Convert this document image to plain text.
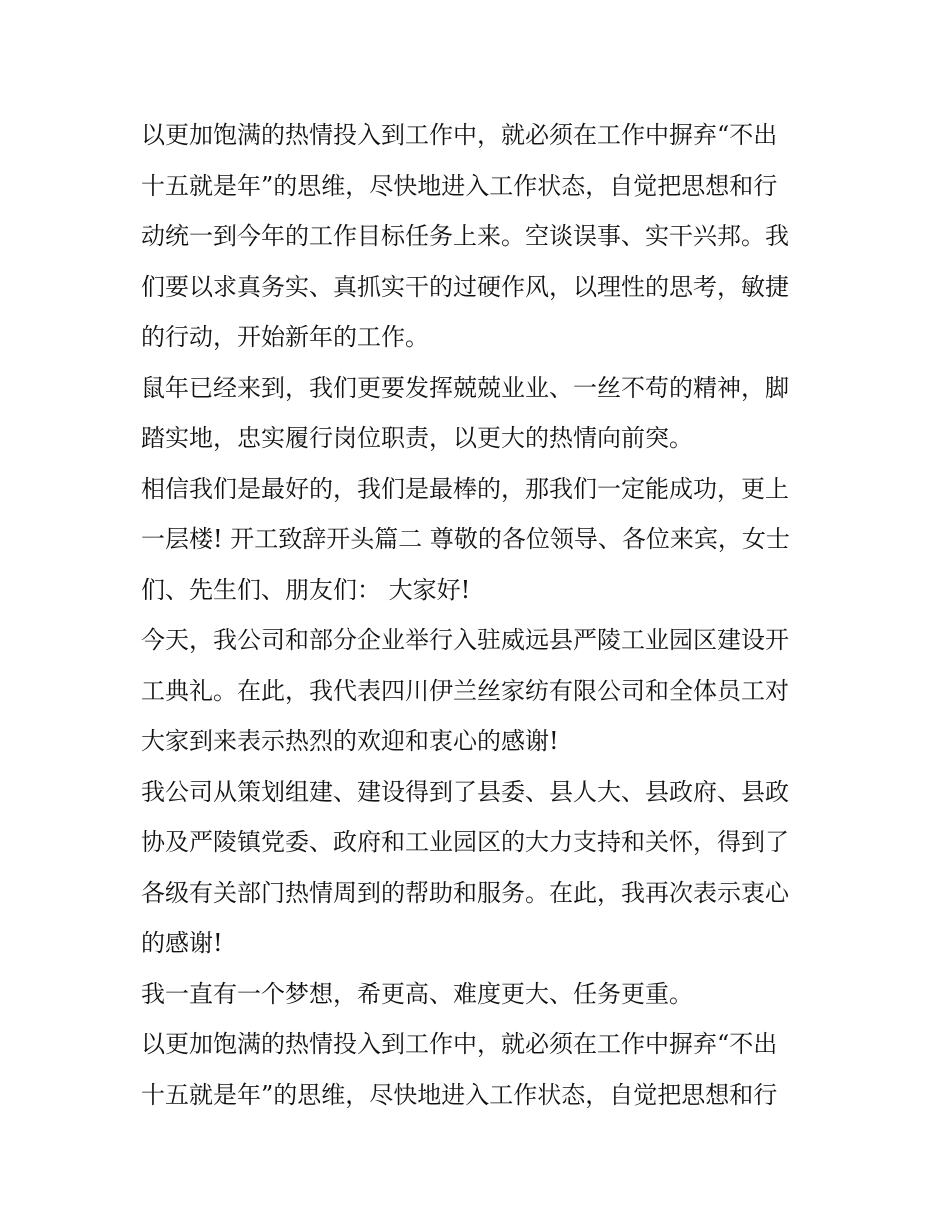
以更加饱满的热情投入到工作中，就必须在工作中摒弃“不出
十五就是年”的思维，尽快地进入工作状态，自觉把思想和行
动统一到今年的工作目标任务上来。空谈误事、实干兴邦。我
们要以求真务实、真抓实干的过硬作风，以理性的思考，敏捷
的行动，开始新年的工作。
鼠年已经来到，我们更要发挥兢兢业业、一丝不苟的精神，脚
踏实地，忠实履行岗位职责，以更大的热情向前突。
相信我们是最好的，我们是最棒的，那我们一定能成功，更上
一层楼! 开工致辞开头篇二 尊敬的各位领导、各位来宾，女士
们、先生们、朋友们： 大家好!
今天，我公司和部分企业举行入驻威远县严陵工业园区建设开
工典礼。在此，我代表四川伊兰丝家纺有限公司和全体员工对
大家到来表示热烈的欢迎和衷心的感谢!
我公司从策划组建、建设得到了县委、县人大、县政府、县政
协及严陵镇党委、政府和工业园区的大力支持和关怀，得到了
各级有关部门热情周到的帮助和服务。在此，我再次表示衷心
的感谢!
我一直有一个梦想，希更高、难度更大、任务更重。
以更加饱满的热情投入到工作中，就必须在工作中摒弃“不出
十五就是年”的思维，尽快地进入工作状态，自觉把思想和行
